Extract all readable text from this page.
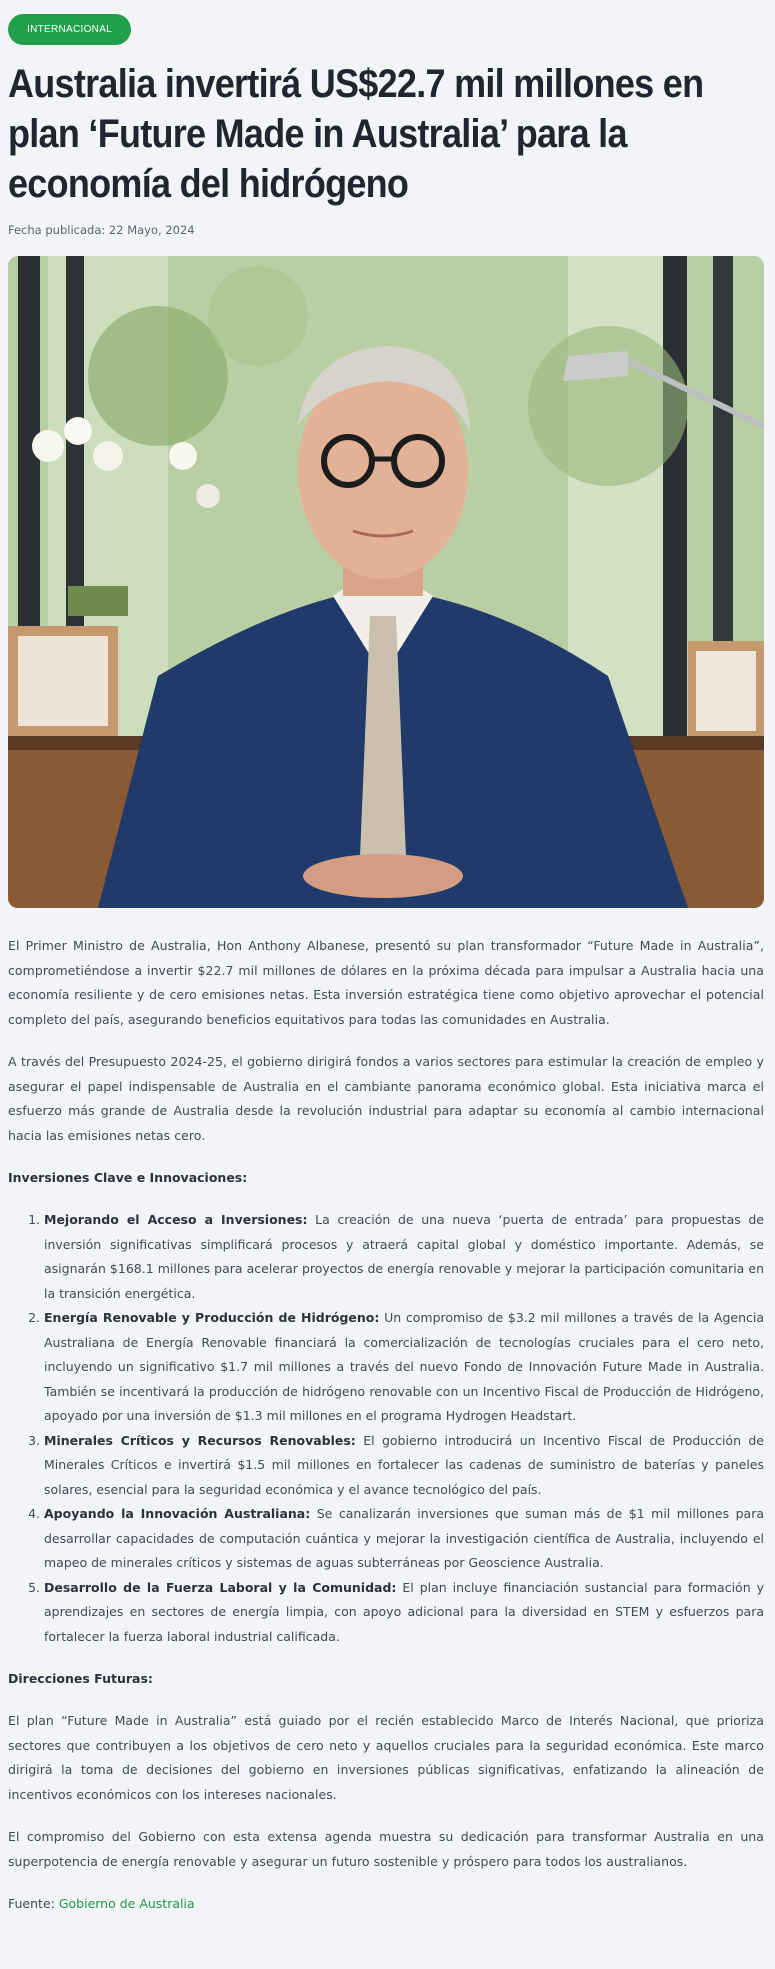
INTERNACIONAL
Australia invertirá US$22.7 mil millones en plan ‘Future Made in Australia’ para la economía del hidrógeno
Fecha publicada: 22 Mayo, 2024

El Primer Ministro de Australia, Hon Anthony Albanese, presentó su plan transformador “Future Made in Australia”, comprometiéndose a invertir $22.7 mil millones de dólares en la próxima década para impulsar a Australia hacia una economía resiliente y de cero emisiones netas. Esta inversión estratégica tiene como objetivo aprovechar el potencial completo del país, asegurando beneficios equitativos para todas las comunidades en Australia.

A través del Presupuesto 2024-25, el gobierno dirigirá fondos a varios sectores para estimular la creación de empleo y asegurar el papel indispensable de Australia en el cambiante panorama económico global. Esta iniciativa marca el esfuerzo más grande de Australia desde la revolución industrial para adaptar su economía al cambio internacional hacia las emisiones netas cero.

Inversiones Clave e Innovaciones:
1. Mejorando el Acceso a Inversiones: La creación de una nueva ‘puerta de entrada’ para propuestas de inversión significativas simplificará procesos y atraerá capital global y doméstico importante. Además, se asignarán $168.1 millones para acelerar proyectos de energía renovable y mejorar la participación comunitaria en la transición energética.
2. Energía Renovable y Producción de Hidrógeno: Un compromiso de $3.2 mil millones a través de la Agencia Australiana de Energía Renovable financiará la comercialización de tecnologías cruciales para el cero neto, incluyendo un significativo $1.7 mil millones a través del nuevo Fondo de Innovación Future Made in Australia. También se incentivará la producción de hidrógeno renovable con un Incentivo Fiscal de Producción de Hidrógeno, apoyado por una inversión de $1.3 mil millones en el programa Hydrogen Headstart.
3. Minerales Críticos y Recursos Renovables: El gobierno introducirá un Incentivo Fiscal de Producción de Minerales Críticos e invertirá $1.5 mil millones en fortalecer las cadenas de suministro de baterías y paneles solares, esencial para la seguridad económica y el avance tecnológico del país.
4. Apoyando la Innovación Australiana: Se canalizarán inversiones que suman más de $1 mil millones para desarrollar capacidades de computación cuántica y mejorar la investigación científica de Australia, incluyendo el mapeo de minerales críticos y sistemas de aguas subterráneas por Geoscience Australia.
5. Desarrollo de la Fuerza Laboral y la Comunidad: El plan incluye financiación sustancial para formación y aprendizajes en sectores de energía limpia, con apoyo adicional para la diversidad en STEM y esfuerzos para fortalecer la fuerza laboral industrial calificada.
Direcciones Futuras:

El plan “Future Made in Australia” está guiado por el recién establecido Marco de Interés Nacional, que prioriza sectores que contribuyen a los objetivos de cero neto y aquellos cruciales para la seguridad económica. Este marco dirigirá la toma de decisiones del gobierno en inversiones públicas significativas, enfatizando la alineación de incentivos económicos con los intereses nacionales.

El compromiso del Gobierno con esta extensa agenda muestra su dedicación para transformar Australia en una superpotencia de energía renovable y asegurar un futuro sostenible y próspero para todos los australianos.

Fuente: Gobierno de Australia
